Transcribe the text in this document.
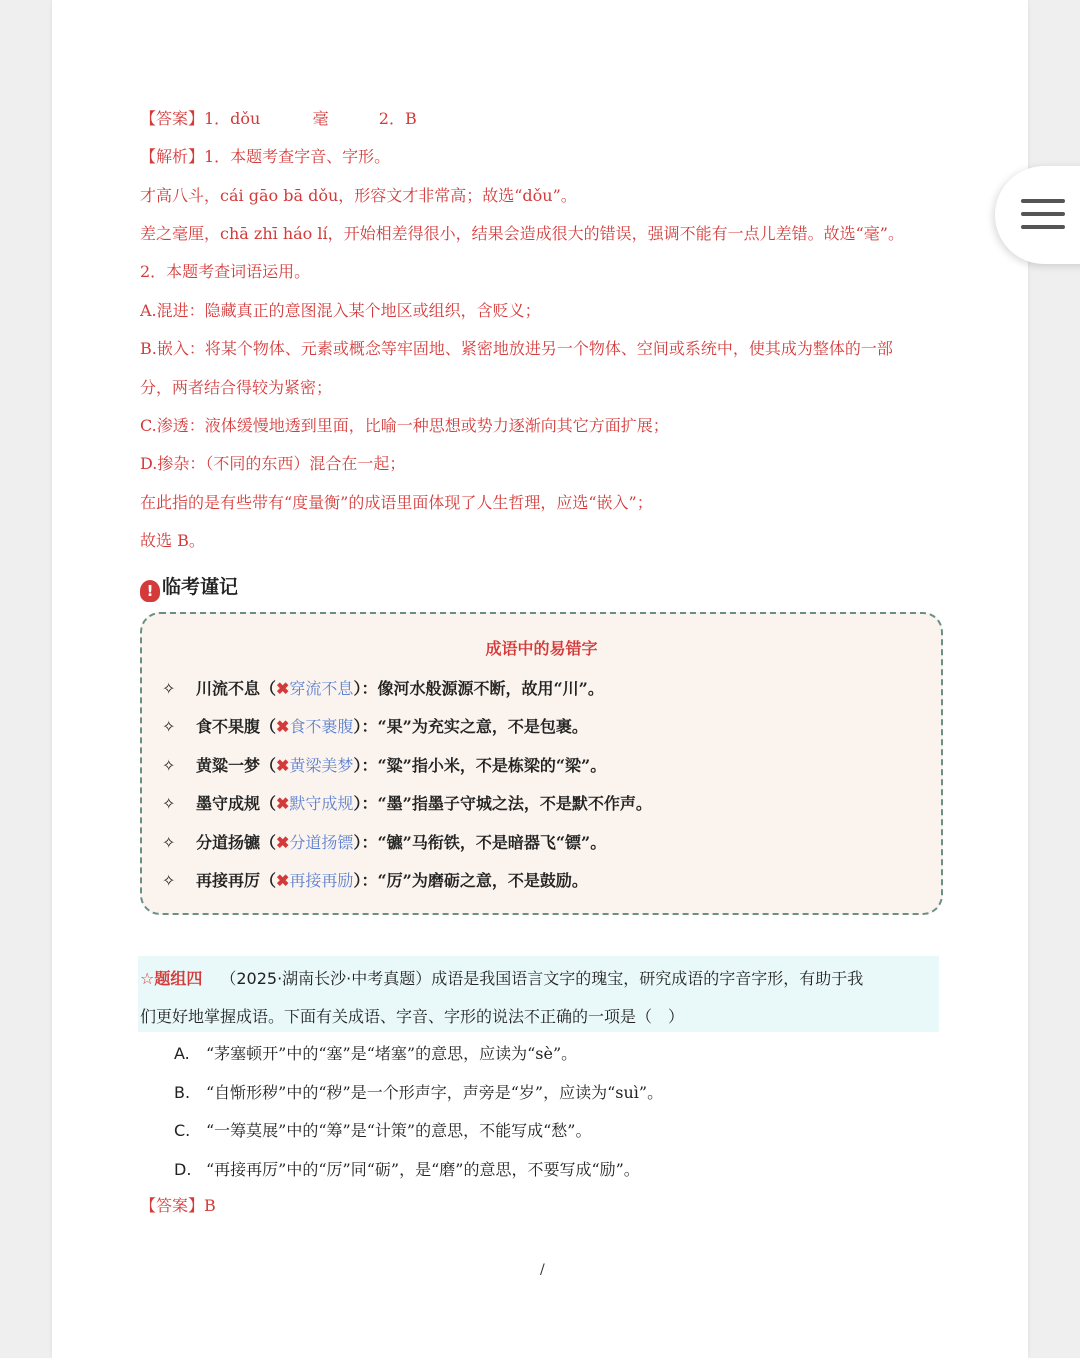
【答案】1．dǒu	毫	2．B
【解析】1．本题考查字音、字形。
才高八斗，cái gāo bā dǒu，形容文才非常高；故选“dǒu”。
差之毫厘，chā zhī háo lí，开始相差得很小，结果会造成很大的错误，强调不能有一点儿差错。故选“毫”。
2．本题考查词语运用。
A.混进：隐藏真正的意图混入某个地区或组织，含贬义；
B.嵌入：将某个物体、元素或概念等牢固地、紧密地放进另一个物体、空间或系统中，使其成为整体的一部
分，两者结合得较为紧密；
C.渗透：液体缓慢地透到里面，比喻一种思想或势力逐渐向其它方面扩展；
D.掺杂：（不同的东西）混合在一起；
在此指的是有些带有“度量衡”的成语里面体现了人生哲理，应选“嵌入”；
故选 B。
! 临考谨记
成语中的易错字
✧ 川流不息（✖穿流不息）：像河水般源源不断，故用“川”。
✧ 食不果腹（✖食不裹腹）：“果”为充实之意，不是包裹。
✧ 黄粱一梦（✖黄梁美梦）：“粱”指小米，不是栋梁的“梁”。
✧ 墨守成规（✖默守成规）：“墨”指墨子守城之法，不是默不作声。
✧ 分道扬镳（✖分道扬镖）：“镳”马衔铁，不是暗器飞“镖”。
✧ 再接再厉（✖再接再励）：“厉”为磨砺之意，不是鼓励。
☆题组四 （2025·湖南长沙·中考真题）成语是我国语言文字的瑰宝，研究成语的字音字形，有助于我
们更好地掌握成语。下面有关成语、字音、字形的说法不正确的一项是（　）
A. “茅塞顿开”中的“塞”是“堵塞”的意思，应读为“sè”。
B. “自惭形秽”中的“秽”是一个形声字，声旁是“岁”，应读为“suì”。
C. “一筹莫展”中的“筹”是“计策”的意思，不能写成“愁”。
D. “再接再厉”中的“厉”同“砺”，是“磨”的意思，不要写成“励”。
【答案】B
/
